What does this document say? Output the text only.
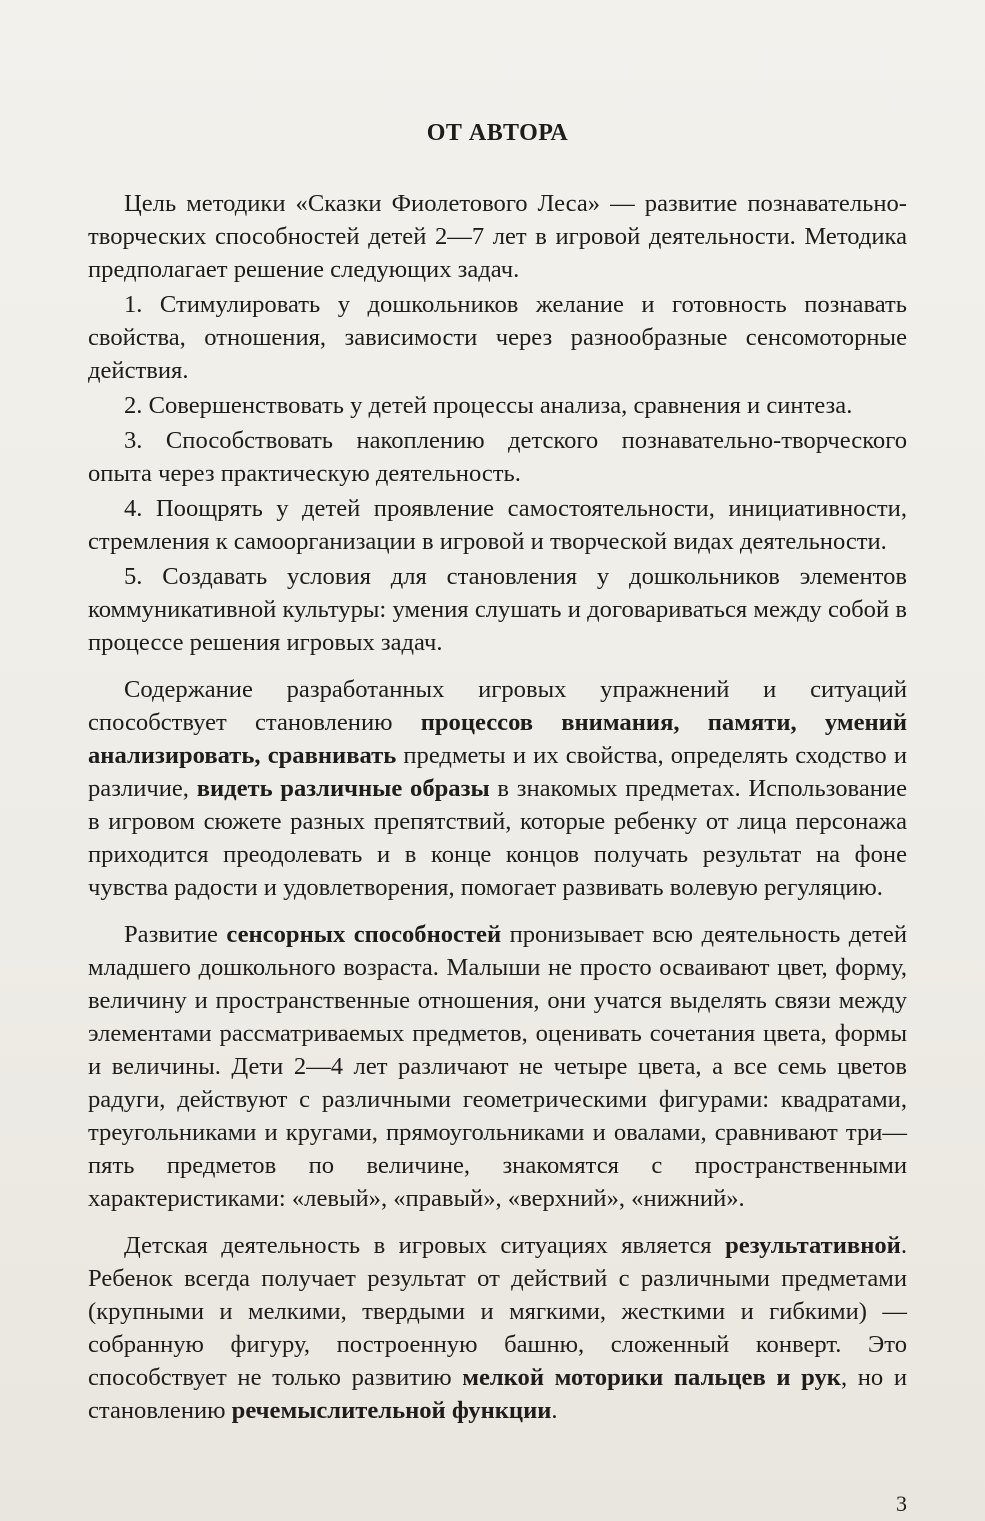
ОТ АВТОРА

Цель методики «Сказки Фиолетового Леса» — развитие познавательно-творческих способностей детей 2—7 лет в игровой деятельности. Методика предполагает решение следующих задач.

1. Стимулировать у дошкольников желание и готовность познавать свойства, отношения, зависимости через разнообразные сенсомоторные действия.

2. Совершенствовать у детей процессы анализа, сравнения и синтеза.

3. Способствовать накоплению детского познавательно-творческого опыта через практическую деятельность.

4. Поощрять у детей проявление самостоятельности, инициативности, стремления к самоорганизации в игровой и творческой видах деятельности.

5. Создавать условия для становления у дошкольников элементов коммуникативной культуры: умения слушать и договариваться между собой в процессе решения игровых задач.

Содержание разработанных игровых упражнений и ситуаций способствует становлению процессов внимания, памяти, умений анализировать, сравнивать предметы и их свойства, определять сходство и различие, видеть различные образы в знакомых предметах. Использование в игровом сюжете разных препятствий, которые ребенку от лица персонажа приходится преодолевать и в конце концов получать результат на фоне чувства радости и удовлетворения, помогает развивать волевую регуляцию.

Развитие сенсорных способностей пронизывает всю деятельность детей младшего дошкольного возраста. Малыши не просто осваивают цвет, форму, величину и пространственные отношения, они учатся выделять связи между элементами рассматриваемых предметов, оценивать сочетания цвета, формы и величины. Дети 2—4 лет различают не четыре цвета, а все семь цветов радуги, действуют с различными геометрическими фигурами: квадратами, треугольниками и кругами, прямоугольниками и овалами, сравнивают три—пять предметов по величине, знакомятся с пространственными характеристиками: «левый», «правый», «верхний», «нижний».

Детская деятельность в игровых ситуациях является результативной. Ребенок всегда получает результат от действий с различными предметами (крупными и мелкими, твердыми и мягкими, жесткими и гибкими) — собранную фигуру, построенную башню, сложенный конверт. Это способствует не только развитию мелкой моторики пальцев и рук, но и становлению речемыслительной функции.

3
